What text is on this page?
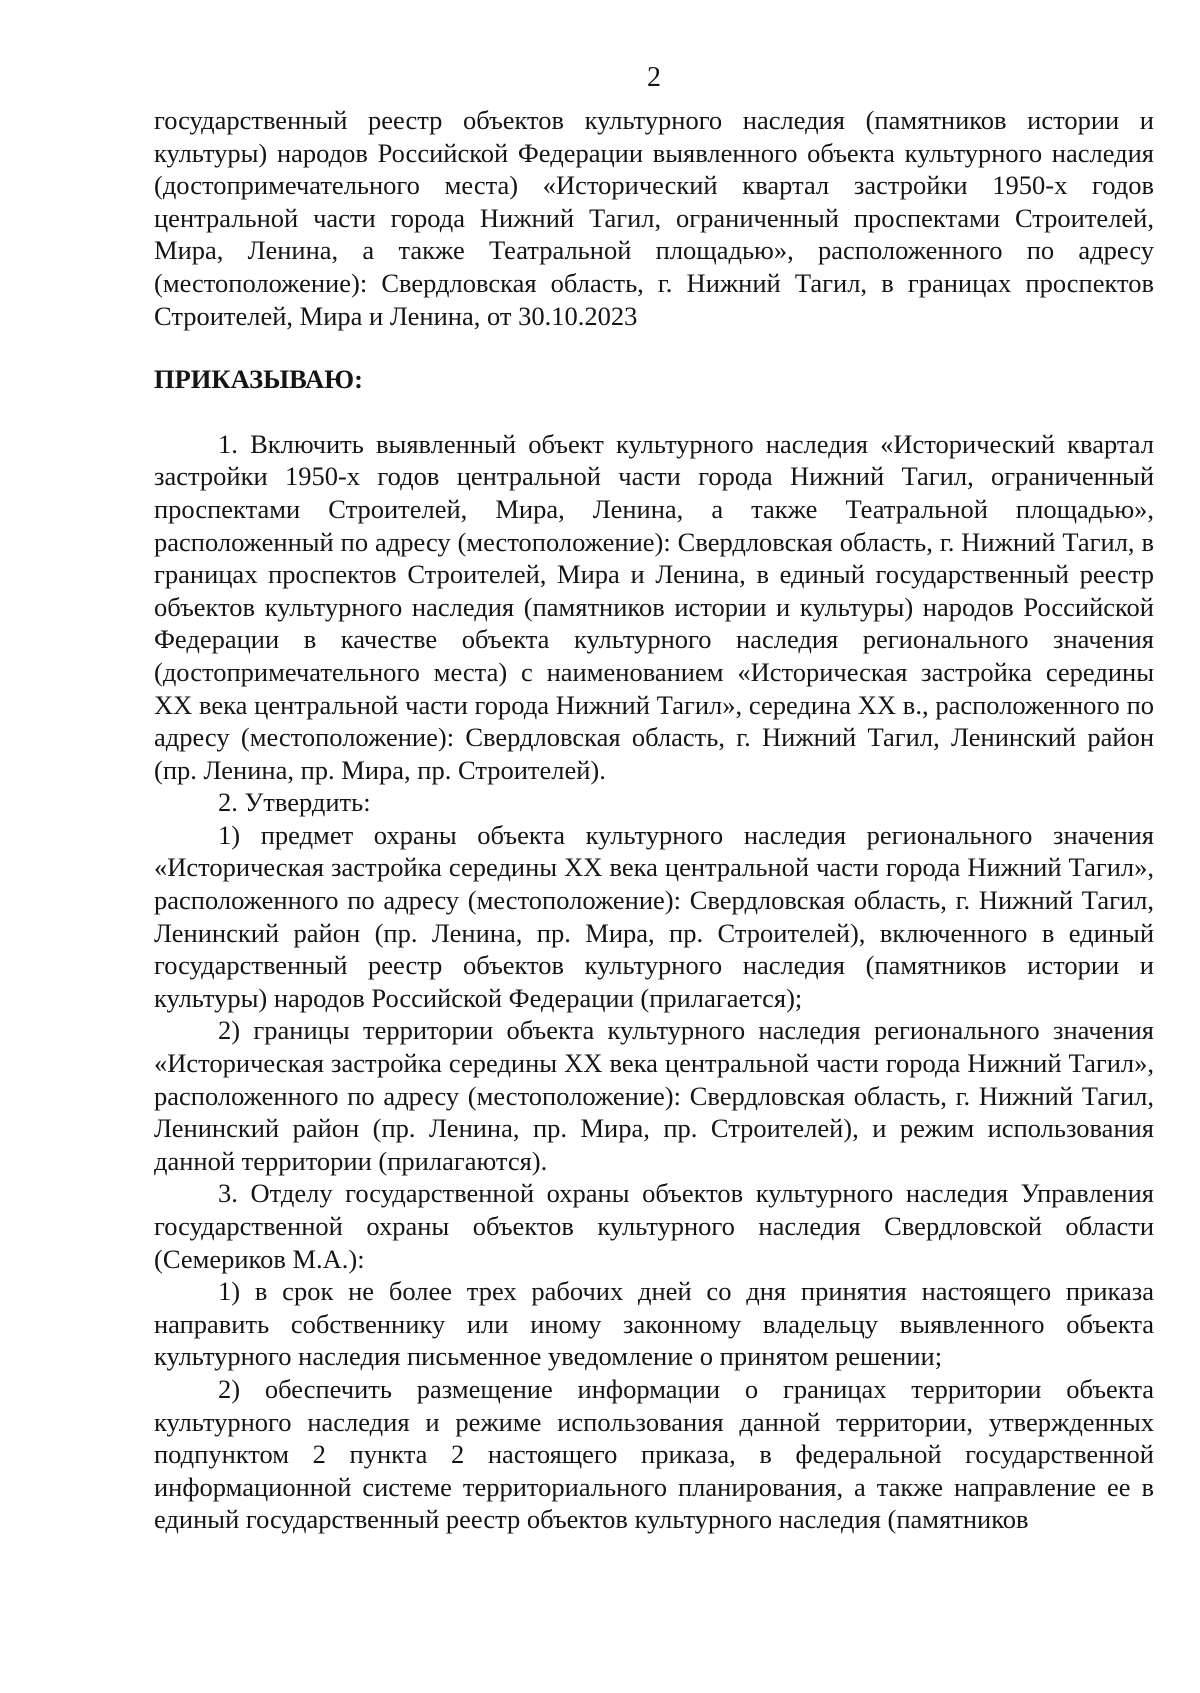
2

государственный реестр объектов культурного наследия (памятников истории и культуры) народов Российской Федерации выявленного объекта культурного наследия (достопримечательного места) «Исторический квартал застройки 1950-х годов центральной части города Нижний Тагил, ограниченный проспектами Строителей, Мира, Ленина, а также Театральной площадью», расположенного по адресу (местоположение): Свердловская область, г. Нижний Тагил, в границах проспектов Строителей, Мира и Ленина, от 30.10.2023

ПРИКАЗЫВАЮ:

1. Включить выявленный объект культурного наследия «Исторический квартал застройки 1950-х годов центральной части города Нижний Тагил, ограниченный проспектами Строителей, Мира, Ленина, а также Театральной площадью», расположенный по адресу (местоположение): Свердловская область, г. Нижний Тагил, в границах проспектов Строителей, Мира и Ленина, в единый государственный реестр объектов культурного наследия (памятников истории и культуры) народов Российской Федерации в качестве объекта культурного наследия регионального значения (достопримечательного места) с наименованием «Историческая застройка середины XX века центральной части города Нижний Тагил», середина XX в., расположенного по адресу (местоположение): Свердловская область, г. Нижний Тагил, Ленинский район (пр. Ленина, пр. Мира, пр. Строителей).

2. Утвердить:

1) предмет охраны объекта культурного наследия регионального значения «Историческая застройка середины XX века центральной части города Нижний Тагил», расположенного по адресу (местоположение): Свердловская область, г. Нижний Тагил, Ленинский район (пр. Ленина, пр. Мира, пр. Строителей), включенного в единый государственный реестр объектов культурного наследия (памятников истории и культуры) народов Российской Федерации (прилагается);

2) границы территории объекта культурного наследия регионального значения «Историческая застройка середины XX века центральной части города Нижний Тагил», расположенного по адресу (местоположение): Свердловская область, г. Нижний Тагил, Ленинский район (пр. Ленина, пр. Мира, пр. Строителей), и режим использования данной территории (прилагаются).

3. Отделу государственной охраны объектов культурного наследия Управления государственной охраны объектов культурного наследия Свердловской области (Семериков М.А.):

1) в срок не более трех рабочих дней со дня принятия настоящего приказа направить собственнику или иному законному владельцу выявленного объекта культурного наследия письменное уведомление о принятом решении;

2) обеспечить размещение информации о границах территории объекта культурного наследия и режиме использования данной территории, утвержденных подпунктом 2 пункта 2 настоящего приказа, в федеральной государственной информационной системе территориального планирования, а также направление ее в единый государственный реестр объектов культурного наследия (памятников
